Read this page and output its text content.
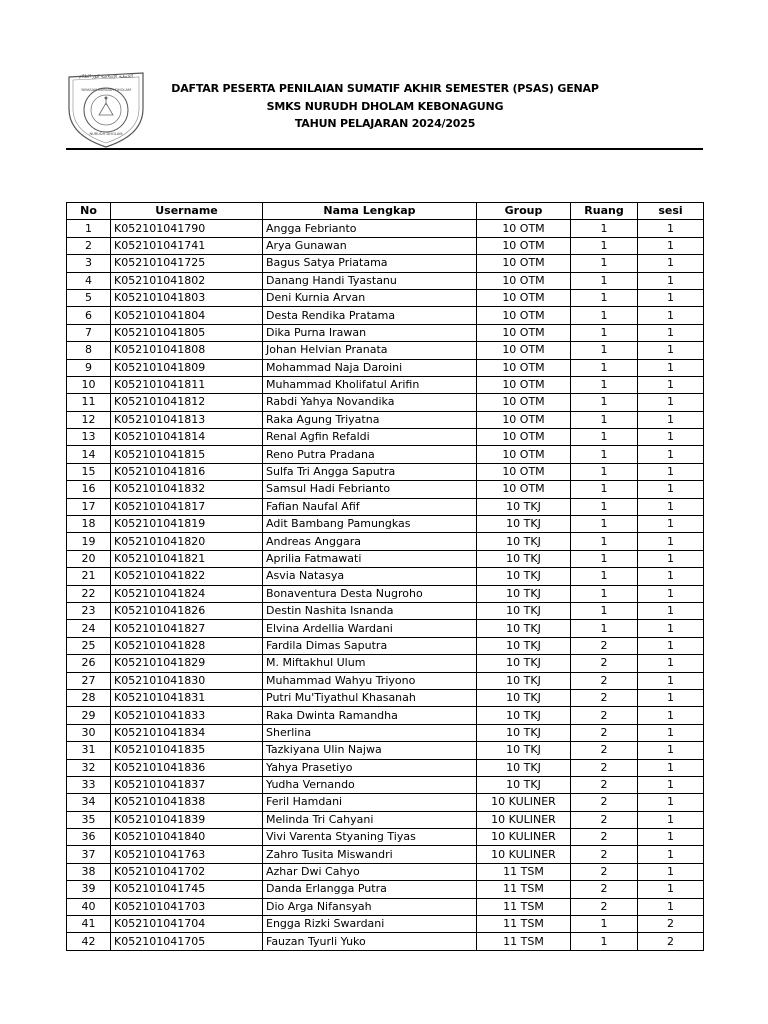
الجمعية الإسلامية لنور الظلام
YAYASAN NURUDH DHOLAM
NURUDH DHOLAM
DAFTAR PESERTA PENILAIAN SUMATIF AKHIR SEMESTER (PSAS) GENAP
SMKS NURUDH DHOLAM KEBONAGUNG
TAHUN PELAJARAN 2024/2025
No	Username	Nama Lengkap	Group	Ruang	sesi
1	K052101041790	Angga Febrianto	10 OTM	1	1
2	K052101041741	Arya Gunawan	10 OTM	1	1
3	K052101041725	Bagus Satya Priatama	10 OTM	1	1
4	K052101041802	Danang Handi Tyastanu	10 OTM	1	1
5	K052101041803	Deni Kurnia Arvan	10 OTM	1	1
6	K052101041804	Desta Rendika Pratama	10 OTM	1	1
7	K052101041805	Dika Purna Irawan	10 OTM	1	1
8	K052101041808	Johan Helvian Pranata	10 OTM	1	1
9	K052101041809	Mohammad Naja Daroini	10 OTM	1	1
10	K052101041811	Muhammad Kholifatul Arifin	10 OTM	1	1
11	K052101041812	Rabdi Yahya Novandika	10 OTM	1	1
12	K052101041813	Raka Agung Triyatna	10 OTM	1	1
13	K052101041814	Renal Agfin Refaldi	10 OTM	1	1
14	K052101041815	Reno Putra Pradana	10 OTM	1	1
15	K052101041816	Sulfa Tri Angga Saputra	10 OTM	1	1
16	K052101041832	Samsul Hadi Febrianto	10 OTM	1	1
17	K052101041817	Fafian Naufal Afif	10 TKJ	1	1
18	K052101041819	Adit Bambang Pamungkas	10 TKJ	1	1
19	K052101041820	Andreas Anggara	10 TKJ	1	1
20	K052101041821	Aprilia Fatmawati	10 TKJ	1	1
21	K052101041822	Asvia Natasya	10 TKJ	1	1
22	K052101041824	Bonaventura Desta Nugroho	10 TKJ	1	1
23	K052101041826	Destin Nashita Isnanda	10 TKJ	1	1
24	K052101041827	Elvina Ardellia Wardani	10 TKJ	1	1
25	K052101041828	Fardila Dimas Saputra	10 TKJ	2	1
26	K052101041829	M. Miftakhul Ulum	10 TKJ	2	1
27	K052101041830	Muhammad Wahyu Triyono	10 TKJ	2	1
28	K052101041831	Putri Mu'Tiyathul Khasanah	10 TKJ	2	1
29	K052101041833	Raka Dwinta Ramandha	10 TKJ	2	1
30	K052101041834	Sherlina	10 TKJ	2	1
31	K052101041835	Tazkiyana Ulin Najwa	10 TKJ	2	1
32	K052101041836	Yahya Prasetiyo	10 TKJ	2	1
33	K052101041837	Yudha Vernando	10 TKJ	2	1
34	K052101041838	Feril Hamdani	10 KULINER	2	1
35	K052101041839	Melinda Tri Cahyani	10 KULINER	2	1
36	K052101041840	Vivi Varenta Styaning Tiyas	10 KULINER	2	1
37	K052101041763	Zahro Tusita Miswandri	10 KULINER	2	1
38	K052101041702	Azhar Dwi Cahyo	11 TSM	2	1
39	K052101041745	Danda Erlangga Putra	11 TSM	2	1
40	K052101041703	Dio Arga Nifansyah	11 TSM	2	1
41	K052101041704	Engga Rizki Swardani	11 TSM	1	2
42	K052101041705	Fauzan Tyurli Yuko	11 TSM	1	2
